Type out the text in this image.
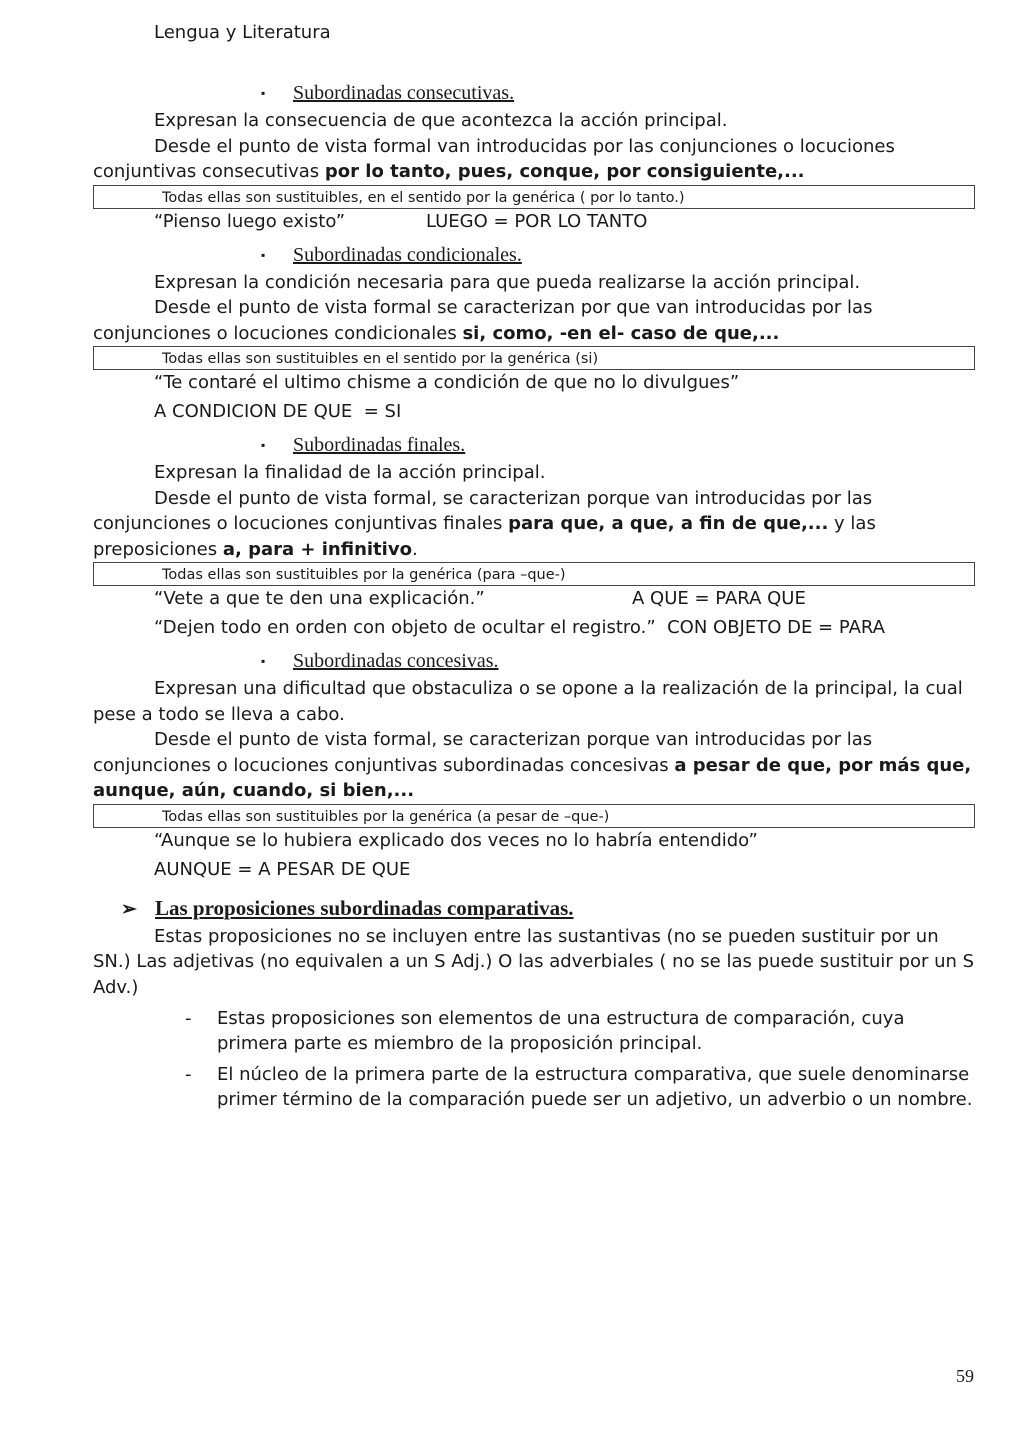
Lengua y Literatura
▪ Subordinadas consecutivas.

Expresan la consecuencia de que acontezca la acción principal.

Desde el punto de vista formal van introducidas por las conjunciones o locuciones conjuntivas consecutivas por lo tanto, pues, conque, por consiguiente,...

Todas ellas son sustituibles, en el sentido por la genérica ( por lo tanto.)
“Pienso luego existo”	LUEGO = POR LO TANTO
▪ Subordinadas condicionales.

Expresan la condición necesaria para que pueda realizarse la acción principal.

Desde el punto de vista formal se caracterizan por que van introducidas por las conjunciones o locuciones condicionales si, como, -en el- caso de que,...

Todas ellas son sustituibles en el sentido por la genérica (si)
“Te contaré el ultimo chisme a condición de que no lo divulgues”
A CONDICION DE QUE  = SI
▪ Subordinadas finales.

Expresan la finalidad de la acción principal.

Desde el punto de vista formal, se caracterizan porque van introducidas por las conjunciones o locuciones conjuntivas finales para que, a que, a fin de que,... y las preposiciones a, para + infinitivo.

Todas ellas son sustituibles por la genérica (para –que-)
“Vete a que te den una explicación.”	A QUE = PARA QUE
“Dejen todo en orden con objeto de ocultar el registro.”  CON OBJETO DE = PARA
▪ Subordinadas concesivas.

Expresan una dificultad que obstaculiza o se opone a la realización de la principal, la cual pese a todo se lleva a cabo.

Desde el punto de vista formal, se caracterizan porque van introducidas por las conjunciones o locuciones conjuntivas subordinadas concesivas a pesar de que, por más que, aunque, aún, cuando, si bien,...

Todas ellas son sustituibles por la genérica (a pesar de –que-)
“Aunque se lo hubiera explicado dos veces no lo habría entendido”
AUNQUE = A PESAR DE QUE
➢ Las proposiciones subordinadas comparativas.

Estas proposiciones no se incluyen entre las sustantivas (no se pueden sustituir por un SN.) Las adjetivas (no equivalen a un S Adj.) O las adverbiales ( no se las puede sustituir por un S Adv.)

- Estas proposiciones son elementos de una estructura de comparación, cuya primera parte es miembro de la proposición principal.
- El núcleo de la primera parte de la estructura comparativa, que suele denominarse primer término de la comparación puede ser un adjetivo, un adverbio o un nombre.
59
